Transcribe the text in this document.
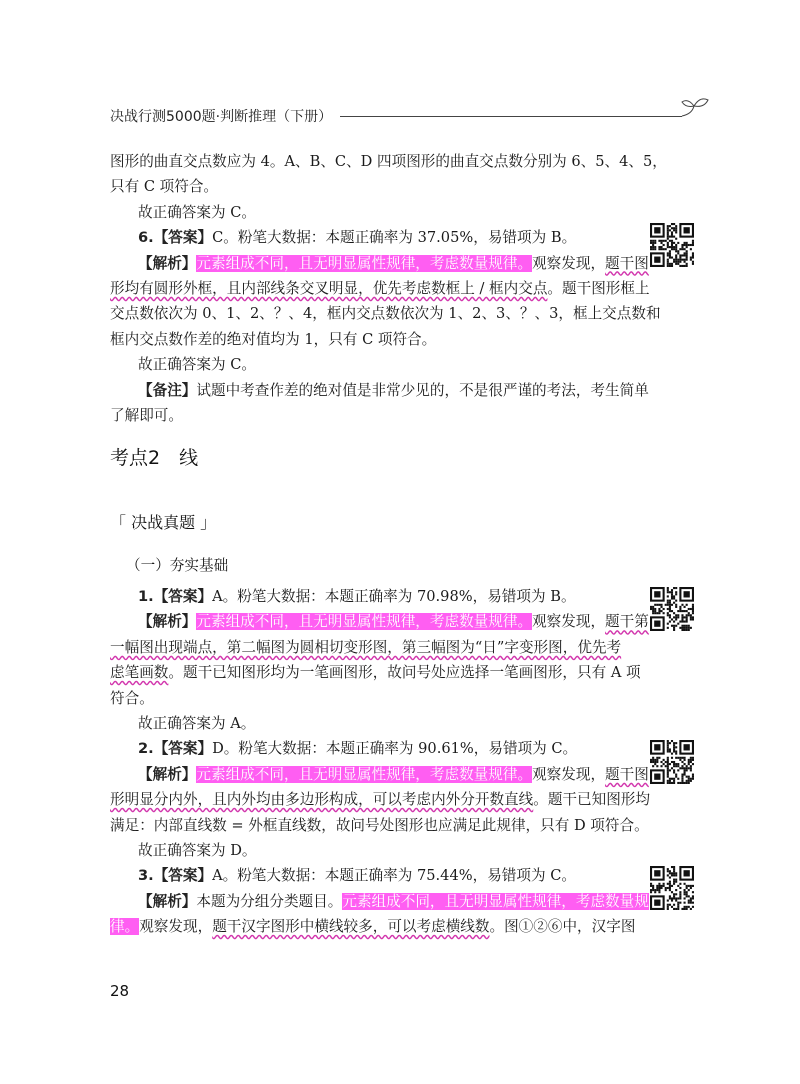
决战行测5000题·判断推理（下册）

图形的曲直交点数应为 4。A、B、C、D 四项图形的曲直交点数分别为 6、5、4、5，

只有 C 项符合。

故正确答案为 C。

6.【答案】C。粉笔大数据：本题正确率为 37.05%，易错项为 B。

【解析】元素组成不同，且无明显属性规律，考虑数量规律。观察发现，题干图

形均有圆形外框，且内部线条交叉明显，优先考虑数框上 / 框内交点。题干图形框上

交点数依次为 0、1、2、？、4，框内交点数依次为 1、2、3、？、3，框上交点数和

框内交点数作差的绝对值均为 1，只有 C 项符合。

故正确答案为 C。

【备注】试题中考查作差的绝对值是非常少见的，不是很严谨的考法，考生简单

了解即可。

考点2　线
「 决战真题 」
（一）夯实基础

1.【答案】A。粉笔大数据：本题正确率为 70.98%，易错项为 B。

【解析】元素组成不同，且无明显属性规律，考虑数量规律。观察发现，题干第

一幅图出现端点，第二幅图为圆相切变形图，第三幅图为“日”字变形图，优先考

虑笔画数。题干已知图形均为一笔画图形，故问号处应选择一笔画图形，只有 A 项

符合。

故正确答案为 A。

2.【答案】D。粉笔大数据：本题正确率为 90.61%，易错项为 C。

【解析】元素组成不同，且无明显属性规律，考虑数量规律。观察发现，题干图

形明显分内外，且内外均由多边形构成，可以考虑内外分开数直线。题干已知图形均

满足：内部直线数 = 外框直线数，故问号处图形也应满足此规律，只有 D 项符合。

故正确答案为 D。

3.【答案】A。粉笔大数据：本题正确率为 75.44%，易错项为 C。

【解析】本题为分组分类题目。元素组成不同，且无明显属性规律，考虑数量规

律。观察发现，题干汉字图形中横线较多，可以考虑横线数。图①②⑥中，汉字图

28
